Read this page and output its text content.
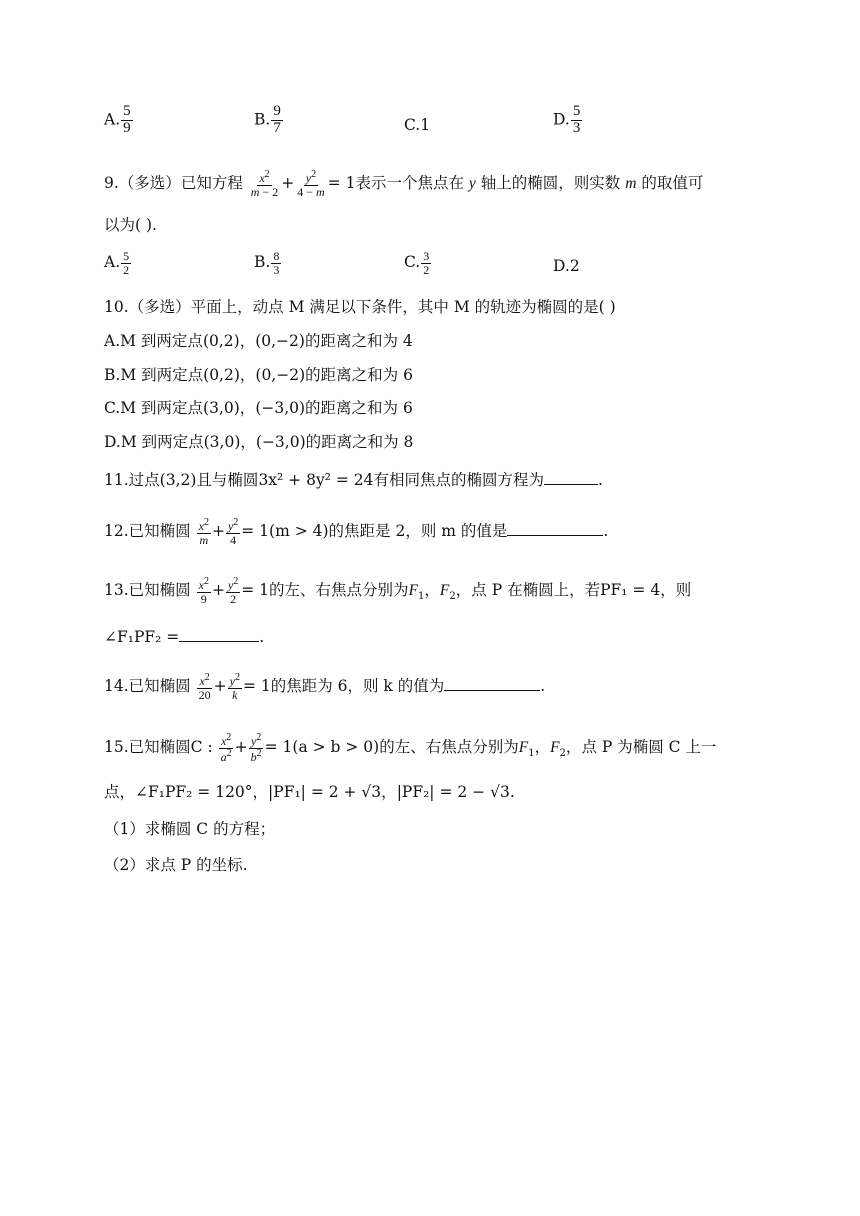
A. $\frac{5}{9}$	B. $\frac{9}{7}$	C.1	D. $\frac{5}{3}$
9.（多选）已知方程 $\frac{x^2}{m - 2} + \frac{y^2}{4 - m} = 1$表示一个焦点在 y 轴上的椭圆，则实数 m 的取值可
以为( ).
A. $\frac{5}{2}$	B. $\frac{8}{3}$	C. $\frac{3}{2}$	D.2
10.（多选）平面上，动点 M 满足以下条件，其中 M 的轨迹为椭圆的是( )
A.M 到两定点(0,2)，(0,−2)的距离之和为 4
B.M 到两定点(0,2)，(0,−2)的距离之和为 6
C.M 到两定点(3,0)，(−3,0)的距离之和为 6
D.M 到两定点(3,0)，(−3,0)的距离之和为 8
11.过点(3,2)且与椭圆3x² + 8y² = 24有相同焦点的椭圆方程为	.
12.已知椭圆 $\frac{x^2}{m} + \frac{y^2}{4} = 1(m > 4)$的焦距是 2，则 m 的值是	.
13.已知椭圆 $\frac{x^2}{9} + \frac{y^2}{2} = 1$的左、右焦点分别为$F_1$，$F_2$，点 P 在椭圆上，若PF₁ = 4，则
∠F₁PF₂ =	.
14.已知椭圆 $\frac{x^2}{20} + \frac{y^2}{k} = 1$的焦距为 6，则 k 的值为	.
15.已知椭圆C : $\frac{x^2}{a^2} + \frac{y^2}{b^2} = 1(a > b > 0)$的左、右焦点分别为$F_1$，$F_2$，点 P 为椭圆 C 上一
点，∠F₁PF₂ = 120°，|PF₁| = 2 + √3，|PF₂| = 2 − √3.
（1）求椭圆 C 的方程；
（2）求点 P 的坐标.
